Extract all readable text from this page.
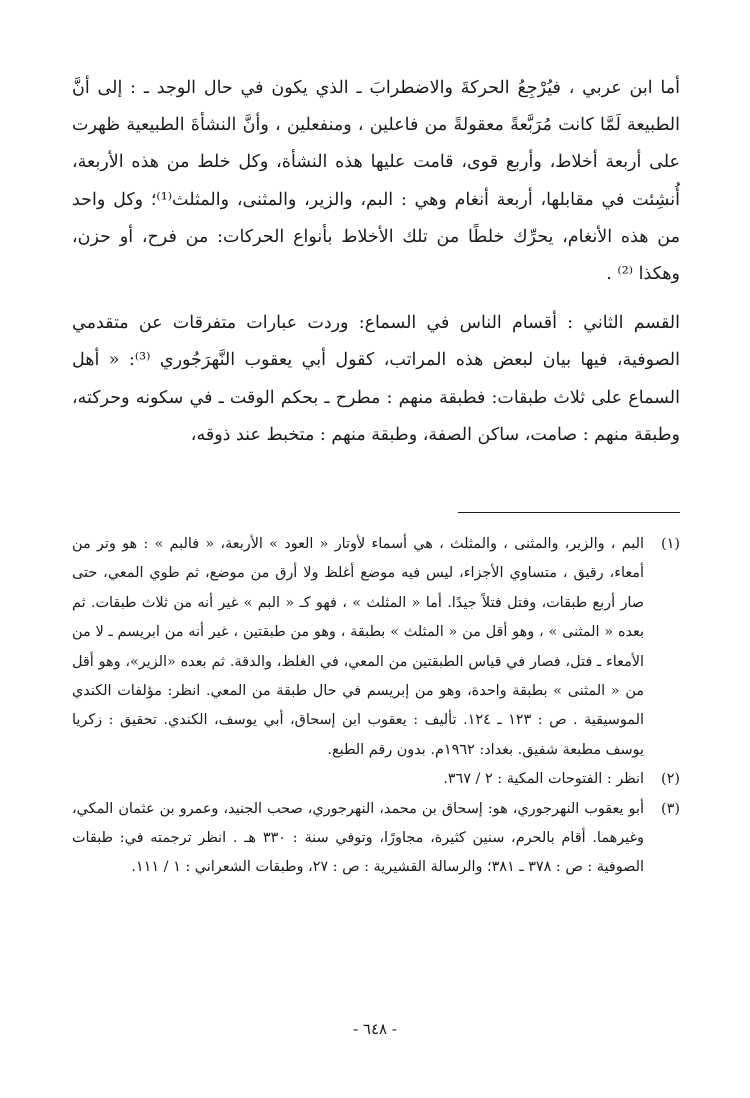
أما ابن عربي ، فيُرْجِعُ الحركةَ والاضطرابَ ـ الذي يكون في حال الوجد ـ : إلى أنَّ الطبيعة لَمَّا كانت مُرَبَّعةً معقولةً من فاعلين ، ومنفعلين ، وأنَّ النشأةَ الطبيعية ظهرت على أربعة أخلاط، وأربع قوى، قامت عليها هذه النشأة، وكل خلط من هذه الأربعة، أُنشِئت في مقابلها، أربعة أنغام وهي : البم، والزير، والمثنى، والمثلث⁽¹⁾؛ وكل واحد من هذه الأنغام، يحرِّك خلطًا من تلك الأخلاط بأنواع الحركات: من فرح، أو حزن، وهكذا ⁽²⁾ .

القسم الثاني : أقسام الناس في السماع: وردت عبارات متفرقات عن متقدمي الصوفية، فيها بيان لبعض هذه المراتب، كقول أبي يعقوب النَّهرَجُوري ⁽³⁾: « أهل السماع على ثلاث طبقات: فطبقة منهم : مطرح ـ بحكم الوقت ـ في سكونه وحركته، وطبقة منهم : صامت، ساكن الصفة، وطبقة منهم : متخبط عند ذوقه،

(١)
البم ، والزير، والمثنى ، والمثلث ، هي أسماء لأوتار « العود » الأربعة، « فالبم » : هو وتر من أمعاء، رقيق ، متساوي الأجزاء، ليس فيه موضع أغلظ ولا أرق من موضع، ثم طوي المعي، حتى صار أربع طبقات، وفتل فتلاً جيدًا. أما « المثلث » ، فهو كـ « البم » غير أنه من ثلاث طبقات. ثم بعده « المثنى » ، وهو أقل من « المثلث » بطبقة ، وهو من طبقتين ، غير أنه من ابريسم ـ لا من الأمعاء ـ فتل، فصار في قياس الطبقتين من المعي، في الغلظ، والدقة. ثم بعده «الزير»، وهو أقل من « المثنى » بطبقة واحدة، وهو من إبريسم في حال طبقة من المعي. انظر: مؤلفات الكندي الموسيقية . ص : ١٢٣ ـ ١٢٤. تأليف : يعقوب ابن إسحاق، أبي يوسف، الكندي. تحقيق : زكريا يوسف مطبعة شفيق. بغداد: ١٩٦٢م. بدون رقم الطبع.
(٢)
انظر : الفتوحات المكية : ٢ / ٣٦٧.
(٣)
أبو يعقوب النهرجوري، هو: إسحاق بن محمد، النهرجوري، صحب الجنيد، وعمرو بن عثمان المكي، وغيرهما. أقام بالحرم، سنين كثيرة، مجاورًا، وتوفي سنة : ٣٣٠ هـ . انظر ترجمته في: طبقات الصوفية : ص : ٣٧٨ ـ ٣٨١؛ والرسالة القشيرية : ص : ٢٧، وطبقات الشعراني : ١ / ١١١.
- ٦٤٨ -
